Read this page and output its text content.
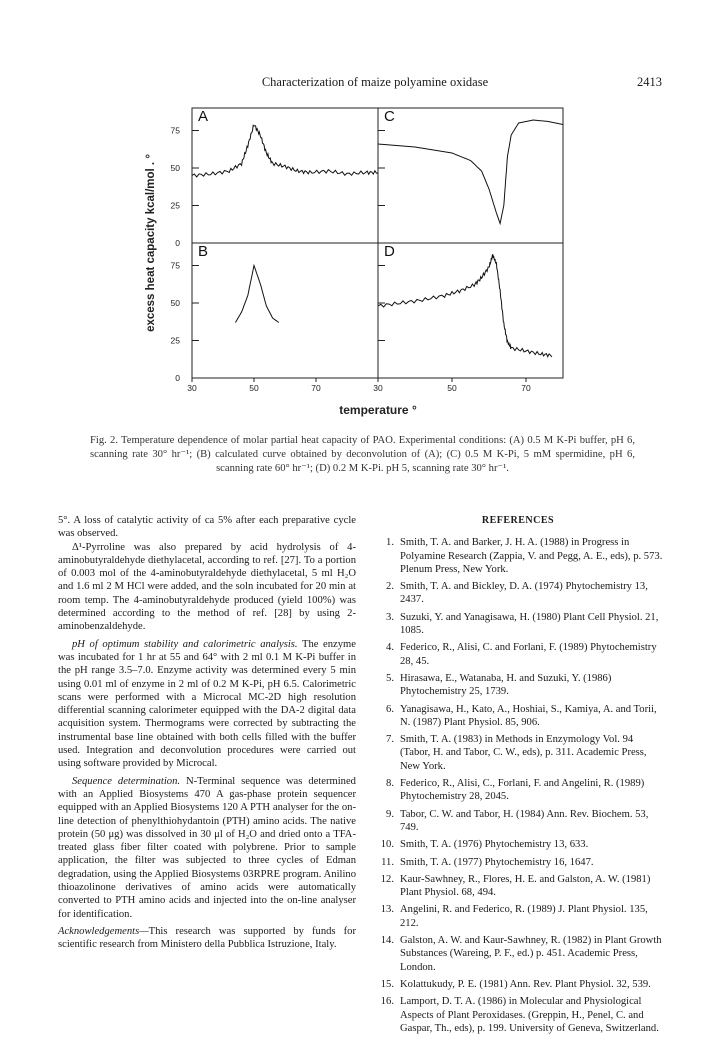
Characterization of maize polyamine oxidase	2413
A
B
C
D
75
50
25
0
75
50
25
0
30	50	70	30	50	70
excess heat capacity kcal/mol . °
temperature °
Fig. 2. Temperature dependence of molar partial heat capacity of PAO. Experimental conditions: (A) 0.5 M K-Pi buffer, pH 6, scanning rate 30° hr⁻¹; (B) calculated curve obtained by deconvolution of (A); (C) 0.5 M K-Pi, 5 mM spermidine, pH 6, scanning rate 60° hr⁻¹; (D) 0.2 M K-Pi. pH 5, scanning rate 30° hr⁻¹.

5°. A loss of catalytic activity of ca 5% after each preparative cycle was observed.

Δ¹-Pyrroline was also prepared by acid hydrolysis of 4-aminobutyraldehyde diethylacetal, according to ref. [27]. To a portion of 0.003 mol of the 4-aminobutyraldehyde diethylacetal, 5 ml H₂O and 1.6 ml 2 M HCl were added, and the soln incubated for 20 min at room temp. The 4-aminobutyraldehyde produced (yield 100%) was determined according to the method of ref. [28] by using 2-aminobenzaldehyde.

pH of optimum stability and calorimetric analysis. The enzyme was incubated for 1 hr at 55 and 64° with 2 ml 0.1 M K-Pi buffer in the pH range 3.5–7.0. Enzyme activity was determined every 5 min using 0.01 ml of enzyme in 2 ml of 0.2 M K-Pi, pH 6.5. Calorimetric scans were performed with a Microcal MC-2D high resolution differential scanning calorimeter equipped with the DA-2 digital data acquisition system. Thermograms were corrected by subtracting the instrumental base line obtained with both cells filled with the buffer used. Integration and deconvolution procedures were carried out using software provided by Microcal.

Sequence determination. N-Terminal sequence was determined with an Applied Biosystems 470 A gas-phase protein sequencer equipped with an Applied Biosystems 120 A PTH analyser for the on-line detection of phenylthiohydantoin (PTH) amino acids. The native protein (50 μg) was dissolved in 30 μl of H₂O and dried onto a TFA-treated glass fiber filter coated with polybrene. Prior to sample application, the filter was subjected to three cycles of Edman degradation, using the Applied Biosystems 03RPRE program. Anilino thioazolinone derivatives of amino acids were automatically converted to PTH amino acids and injected into the on-line analyser for identification.

Acknowledgements—This research was supported by funds for scientific research from Ministero della Pubblica Istruzione, Italy.

REFERENCES
1. Smith, T. A. and Barker, J. H. A. (1988) in Progress in Polyamine Research (Zappia, V. and Pegg, A. E., eds), p. 573. Plenum Press, New York.
2. Smith, T. A. and Bickley, D. A. (1974) Phytochemistry 13, 2437.
3. Suzuki, Y. and Yanagisawa, H. (1980) Plant Cell Physiol. 21, 1085.
4. Federico, R., Alisi, C. and Forlani, F. (1989) Phytochemistry 28, 45.
5. Hirasawa, E., Watanaba, H. and Suzuki, Y. (1986) Phytochemistry 25, 1739.
6. Yanagisawa, H., Kato, A., Hoshiai, S., Kamiya, A. and Torii, N. (1987) Plant Physiol. 85, 906.
7. Smith, T. A. (1983) in Methods in Enzymology Vol. 94 (Tabor, H. and Tabor, C. W., eds), p. 311. Academic Press, New York.
8. Federico, R., Alisi, C., Forlani, F. and Angelini, R. (1989) Phytochemistry 28, 2045.
9. Tabor, C. W. and Tabor, H. (1984) Ann. Rev. Biochem. 53, 749.
10. Smith, T. A. (1976) Phytochemistry 13, 633.
11. Smith, T. A. (1977) Phytochemistry 16, 1647.
12. Kaur-Sawhney, R., Flores, H. E. and Galston, A. W. (1981) Plant Physiol. 68, 494.
13. Angelini, R. and Federico, R. (1989) J. Plant Physiol. 135, 212.
14. Galston, A. W. and Kaur-Sawhney, R. (1982) in Plant Growth Substances (Wareing, P. F., ed.) p. 451. Academic Press, London.
15. Kolattukudy, P. E. (1981) Ann. Rev. Plant Physiol. 32, 539.
16. Lamport, D. T. A. (1986) in Molecular and Physiological Aspects of Plant Peroxidases. (Greppin, H., Penel, C. and Gaspar, Th., eds), p. 199. University of Geneva, Switzerland.
